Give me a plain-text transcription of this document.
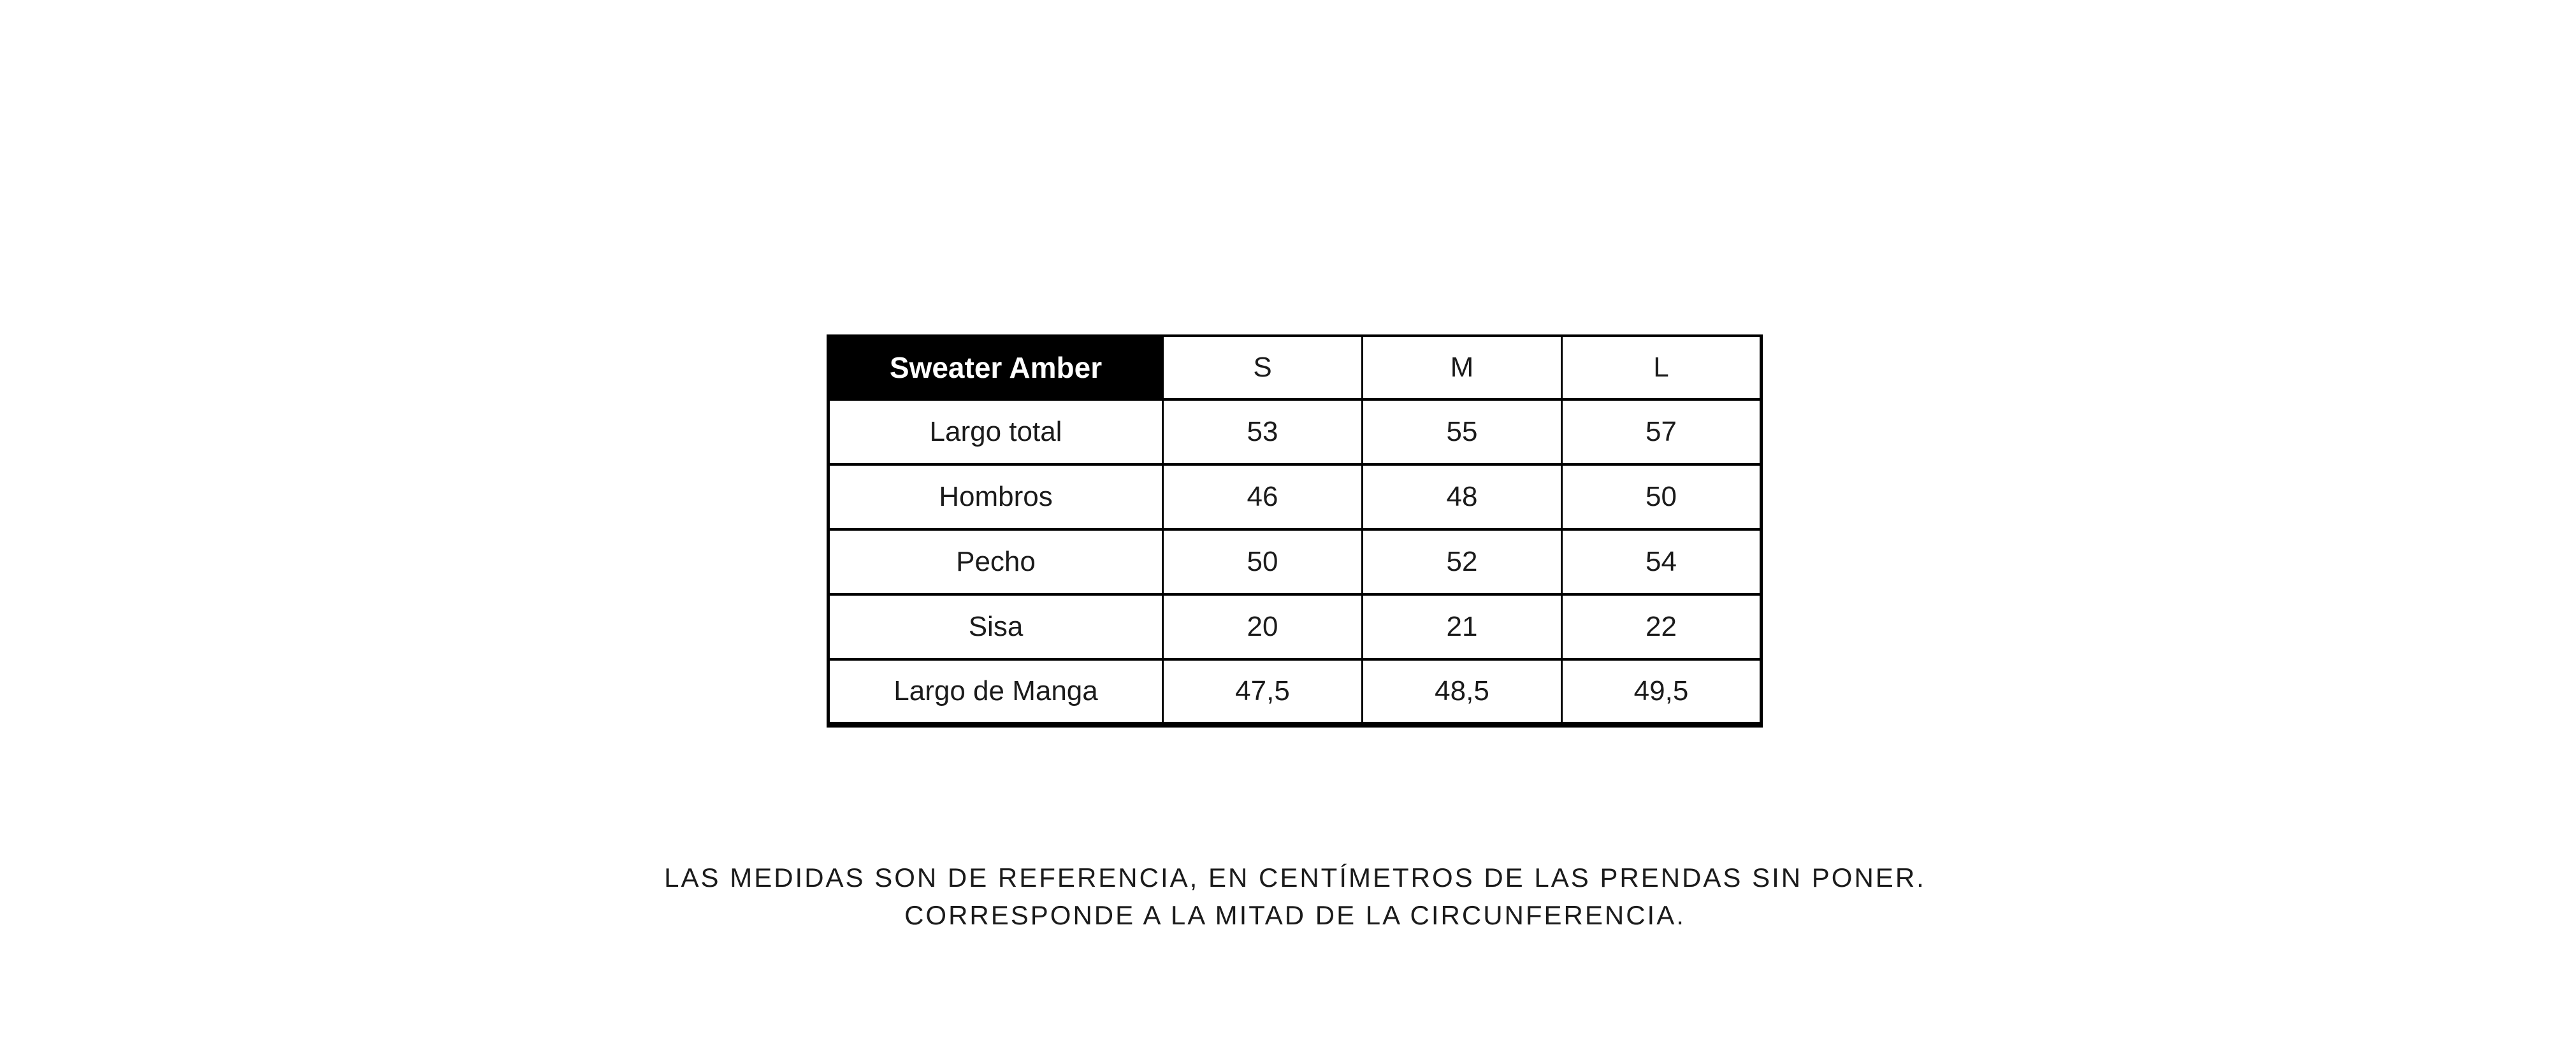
Sweater Amber	S	M	L
Largo total	53	55	57
Hombros	46	48	50
Pecho	50	52	54
Sisa	20	21	22
Largo de Manga	47,5	48,5	49,5
LAS MEDIDAS SON DE REFERENCIA, EN CENTÍMETROS DE LAS PRENDAS SIN PONER.
CORRESPONDE A LA MITAD DE LA CIRCUNFERENCIA.
